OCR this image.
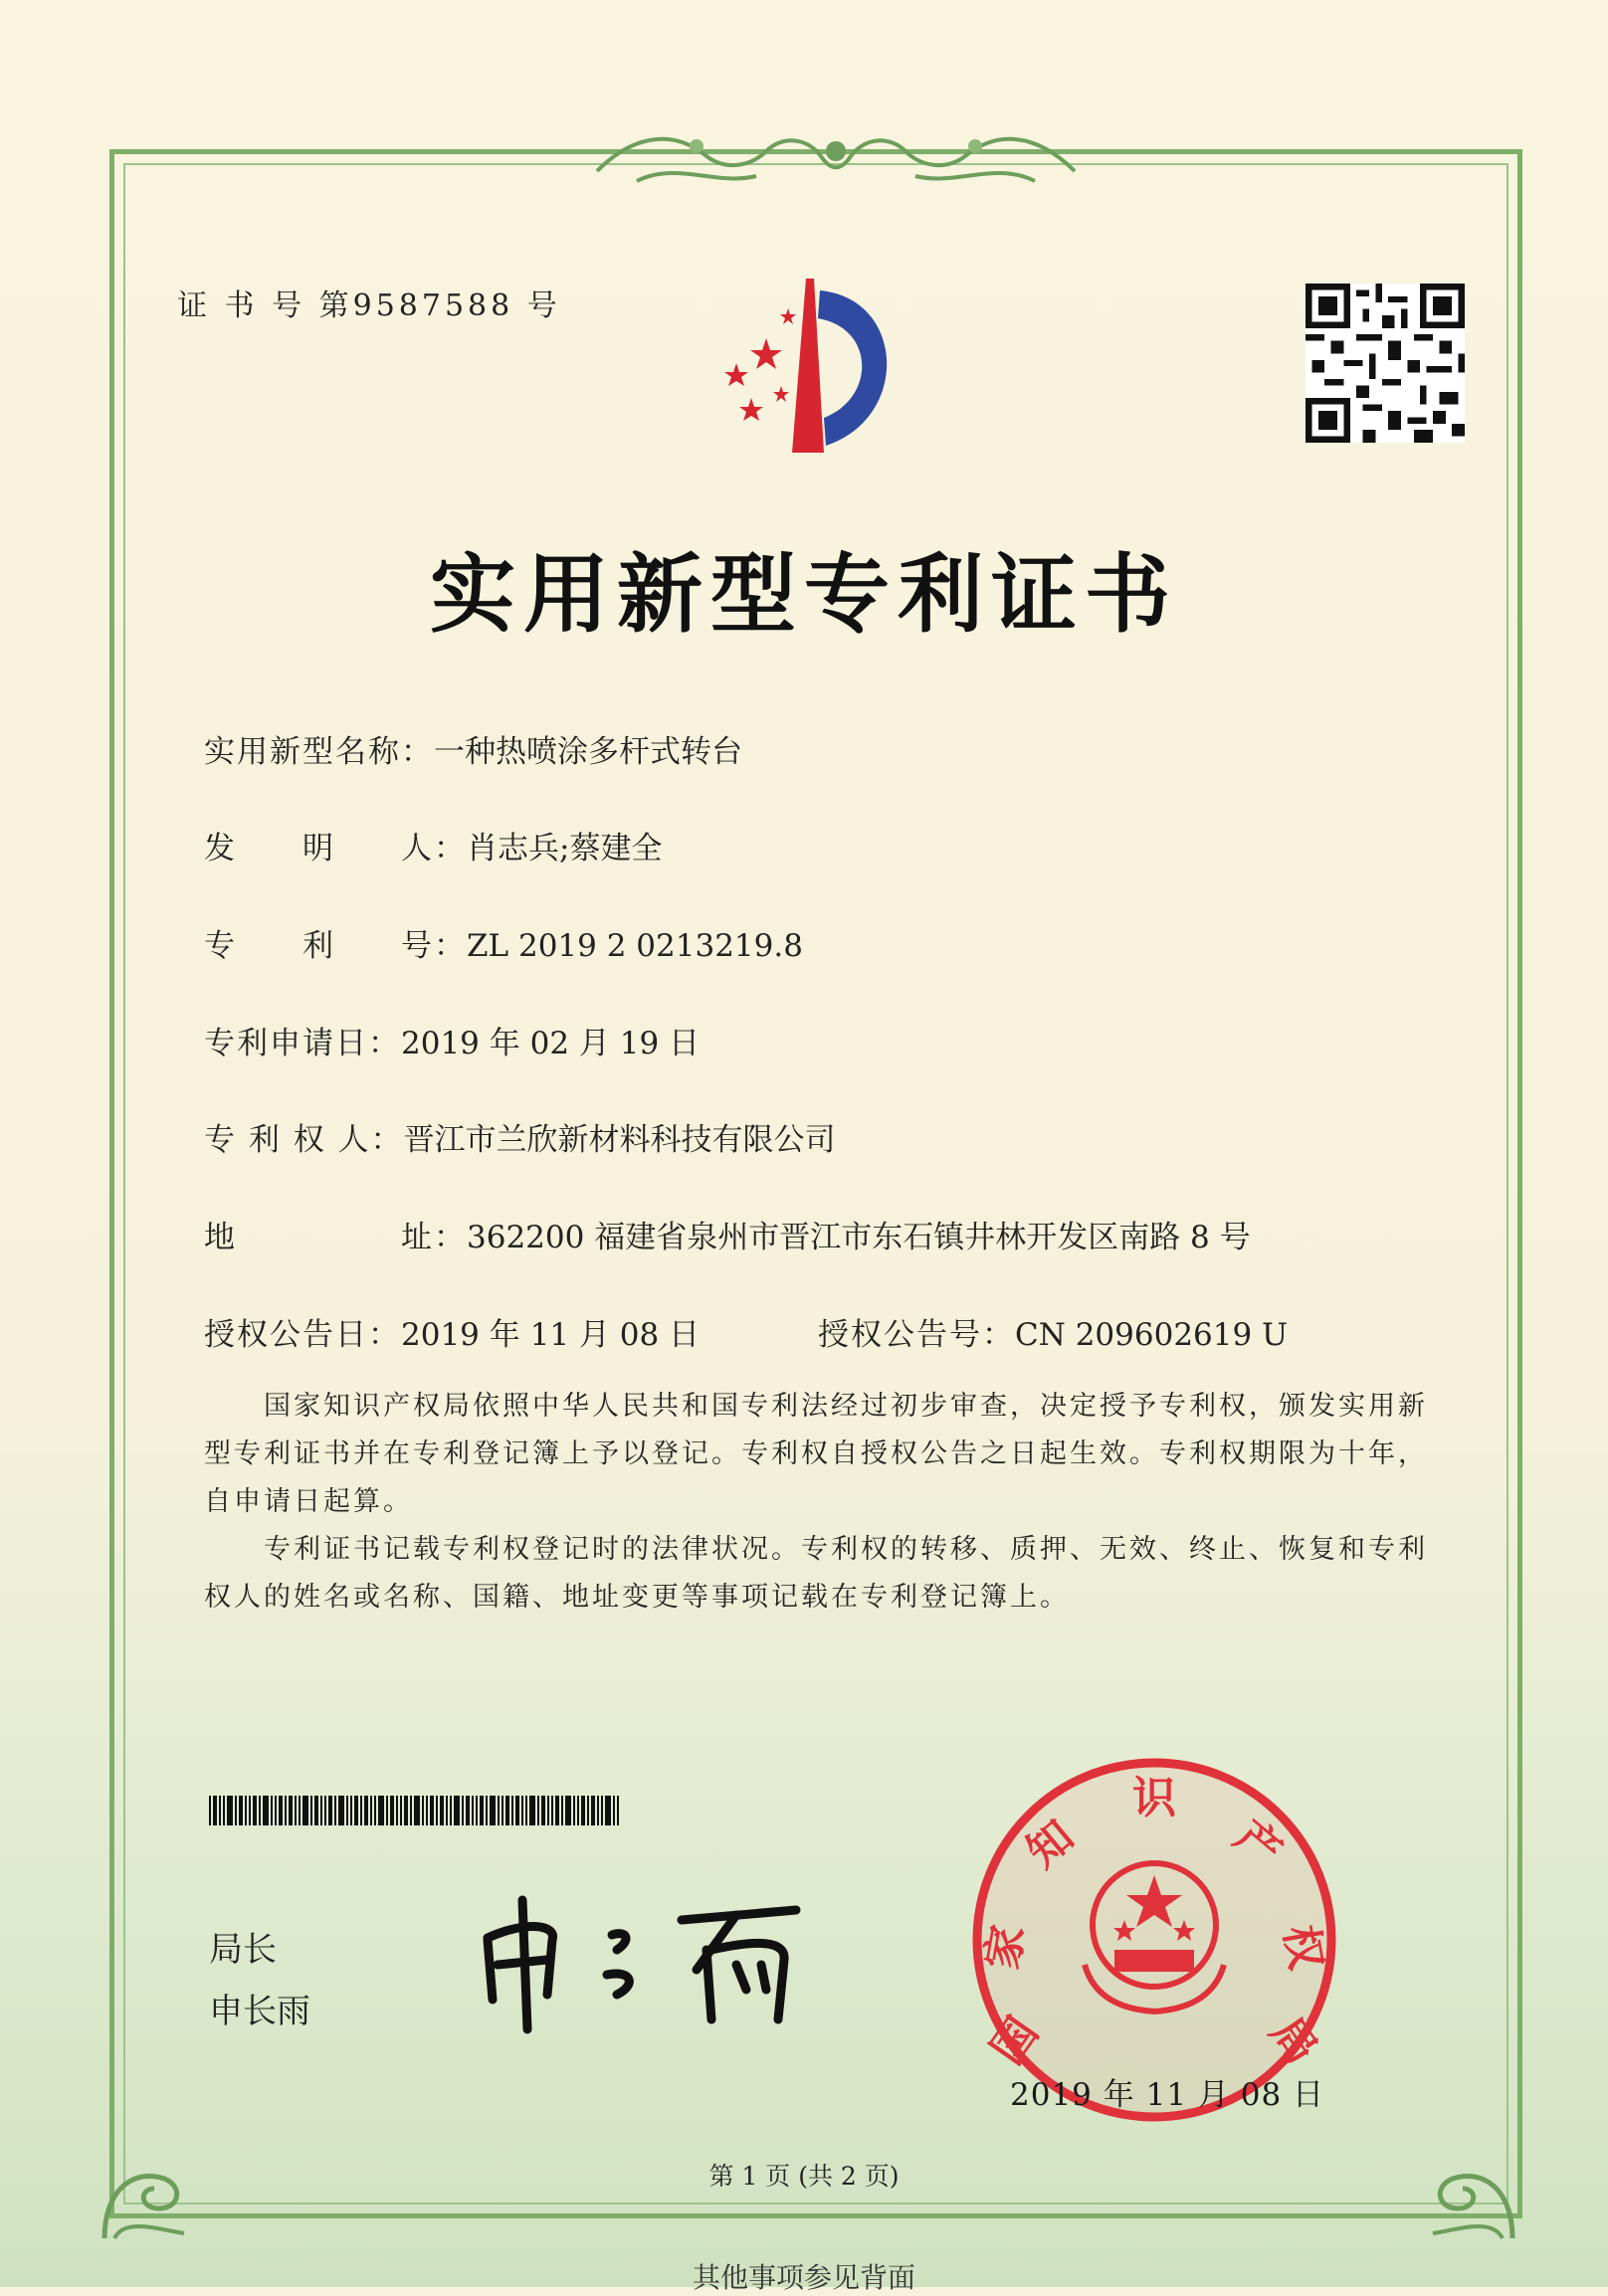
证 书 号 第9587588 号
实用新型专利证书
实用新型名称：一种热喷涂多杆式转台
发　　明　　人：肖志兵;蔡建全
专　　利　　号：ZL 2019 2 0213219.8
专利申请日：2019 年 02 月 19 日
专 利 权 人：晋江市兰欣新材料科技有限公司
地　　　　　址：362200 福建省泉州市晋江市东石镇井林开发区南路 8 号
授权公告日：2019 年 11 月 08 日	授权公告号：CN 209602619 U
国家知识产权局依照中华人民共和国专利法经过初步审查，决定授予专利权，颁发实用新型专利证书并在专利登记簿上予以登记。专利权自授权公告之日起生效。专利权期限为十年，自申请日起算。
专利证书记载专利权登记时的法律状况。专利权的转移、质押、无效、终止、恢复和专利权人的姓名或名称、国籍、地址变更等事项记载在专利登记簿上。
局长
申长雨	国
家
知
识
产
权
局
2019 年 11 月 08 日
第 1 页 (共 2 页)
其他事项参见背面
